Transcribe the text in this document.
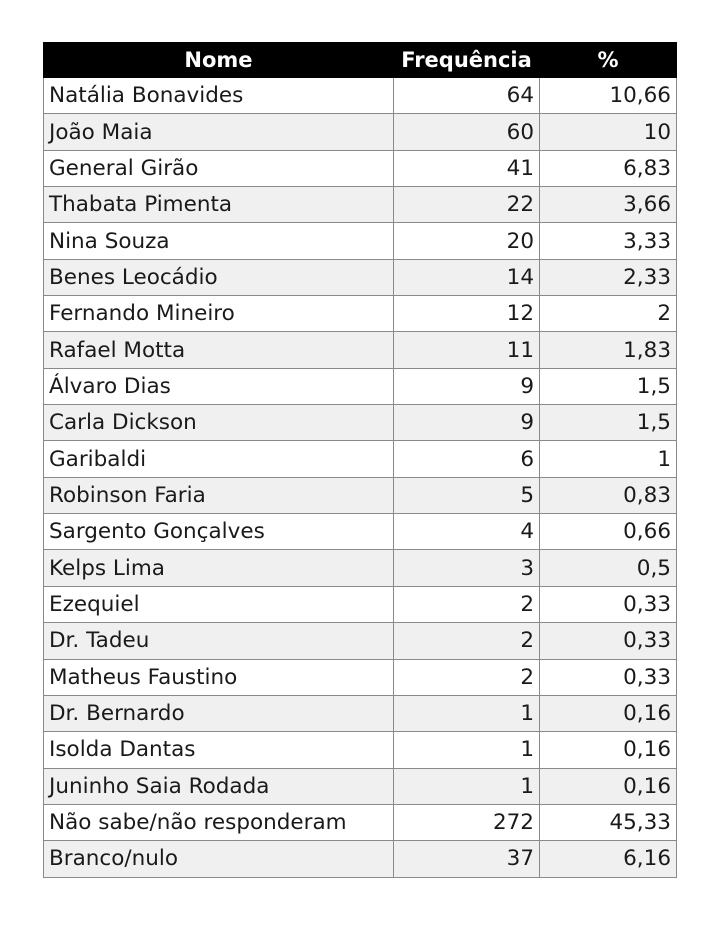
Nome	Frequência	%
Natália Bonavides	64	10,66
João Maia	60	10
General Girão	41	6,83
Thabata Pimenta	22	3,66
Nina Souza	20	3,33
Benes Leocádio	14	2,33
Fernando Mineiro	12	2
Rafael Motta	11	1,83
Álvaro Dias	9	1,5
Carla Dickson	9	1,5
Garibaldi	6	1
Robinson Faria	5	0,83
Sargento Gonçalves	4	0,66
Kelps Lima	3	0,5
Ezequiel	2	0,33
Dr. Tadeu	2	0,33
Matheus Faustino	2	0,33
Dr. Bernardo	1	0,16
Isolda Dantas	1	0,16
Juninho Saia Rodada	1	0,16
Não sabe/não responderam	272	45,33
Branco/nulo	37	6,16
